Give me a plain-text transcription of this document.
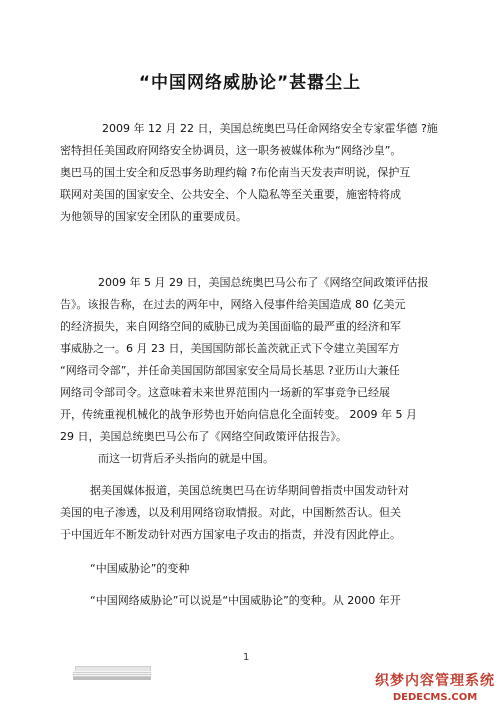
“中国网络威胁论”甚嚣尘上
2009 年 12 月 22 日，美国总统奥巴马任命网络安全专家霍华德 ?施
密特担任美国政府网络安全协调员，这一职务被媒体称为“网络沙皇”。
奥巴马的国土安全和反恐事务助理约翰 ?布伦南当天发表声明说，保护互
联网对美国的国家安全、公共安全、个人隐私等至关重要，施密特将成
为他领导的国家安全团队的重要成员。
2009 年 5 月 29 日，美国总统奥巴马公布了《网络空间政策评估报
告》。该报告称，在过去的两年中，网络入侵事件给美国造成 80 亿美元
的经济损失，来自网络空间的威胁已成为美国面临的最严重的经济和军
事威胁之一。6 月 23 日，美国国防部长盖茨就正式下令建立美国军方
“网络司令部”，并任命美国国防部国家安全局局长基思 ?亚历山大兼任
网络司令部司令。这意味着未来世界范围内一场新的军事竞争已经展
开，传统重视机械化的战争形势也开始向信息化全面转变。 2009 年 5 月
29 日，美国总统奥巴马公布了《网络空间政策评估报告》。
而这一切背后矛头指向的就是中国。
据美国媒体报道，美国总统奥巴马在访华期间曾指责中国发动针对
美国的电子渗透，以及利用网络窃取情报。对此，中国断然否认。但关
于中国近年不断发动针对西方国家电子攻击的指责，并没有因此停止。
“中国威胁论”的变种
“中国网络威胁论”可以说是“中国威胁论”的变种。从 2000 年开
1
织梦内容管理系统
DEDECMS.COM
